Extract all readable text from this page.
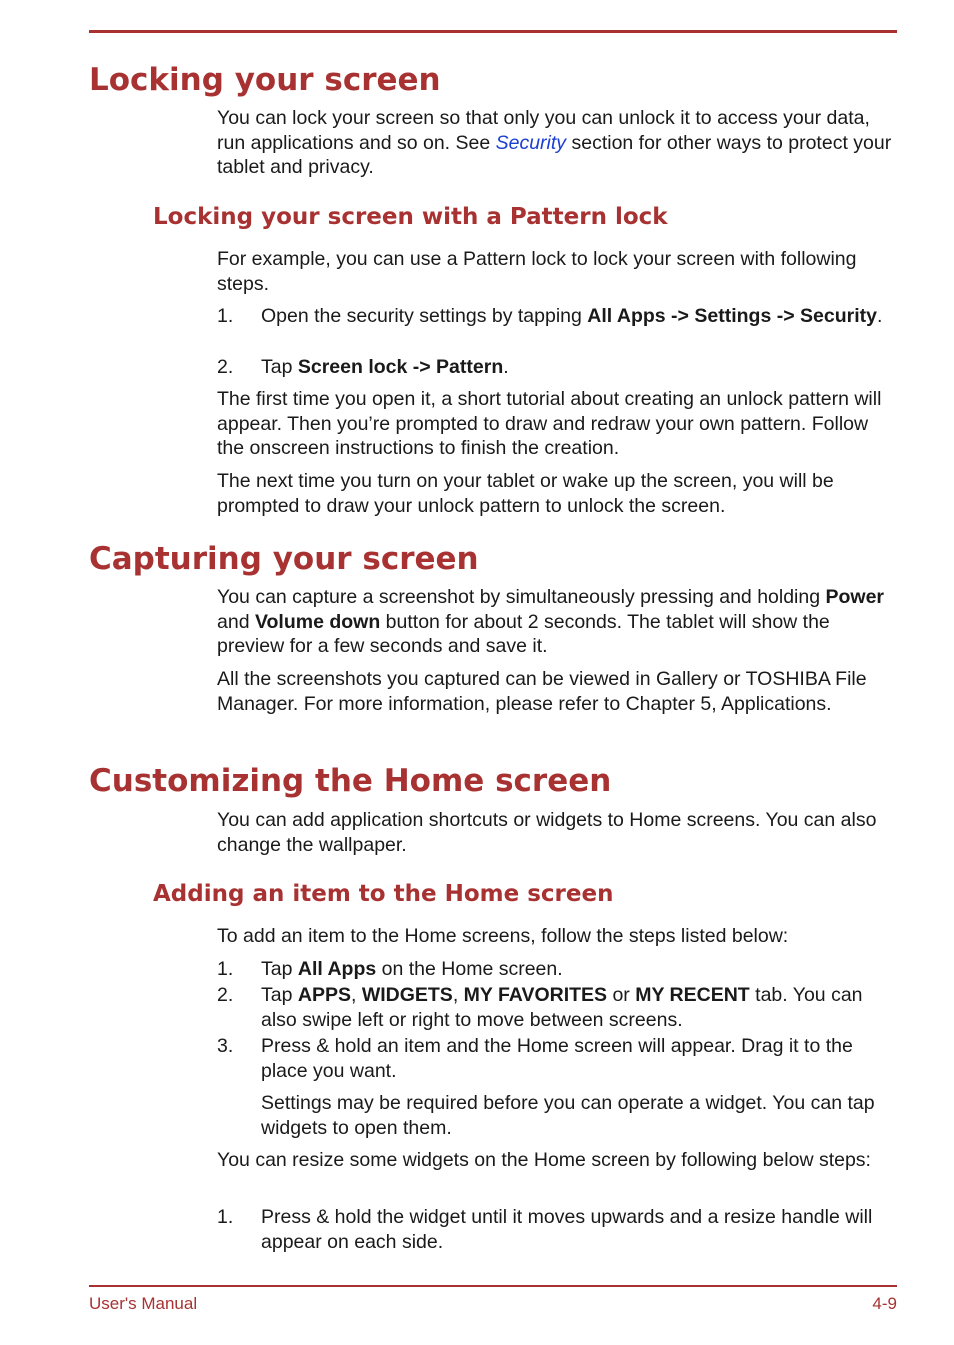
Locking your screen

You can lock your screen so that only you can unlock it to access your data, run applications and so on. See Security section for other ways to protect your tablet and privacy.

Locking your screen with a Pattern lock

For example, you can use a Pattern lock to lock your screen with following steps.

1. Open the security settings by tapping All Apps -> Settings -> Security.
2. Tap Screen lock -> Pattern.

The first time you open it, a short tutorial about creating an unlock pattern will appear. Then you’re prompted to draw and redraw your own pattern. Follow the onscreen instructions to finish the creation.

The next time you turn on your tablet or wake up the screen, you will be prompted to draw your unlock pattern to unlock the screen.

Capturing your screen

You can capture a screenshot by simultaneously pressing and holding Power and Volume down button for about 2 seconds. The tablet will show the preview for a few seconds and save it.

All the screenshots you captured can be viewed in Gallery or TOSHIBA File Manager. For more information, please refer to Chapter 5, Applications.

Customizing the Home screen

You can add application shortcuts or widgets to Home screens. You can also change the wallpaper.

Adding an item to the Home screen

To add an item to the Home screens, follow the steps listed below:

1. Tap All Apps on the Home screen.
2. Tap APPS, WIDGETS, MY FAVORITES or MY RECENT tab. You can also swipe left or right to move between screens.
3. Press & hold an item and the Home screen will appear. Drag it to the place you want.

Settings may be required before you can operate a widget. You can tap widgets to open them.

You can resize some widgets on the Home screen by following below steps:

1. Press & hold the widget until it moves upwards and a resize handle will appear on each side.
User's Manual	4-9
